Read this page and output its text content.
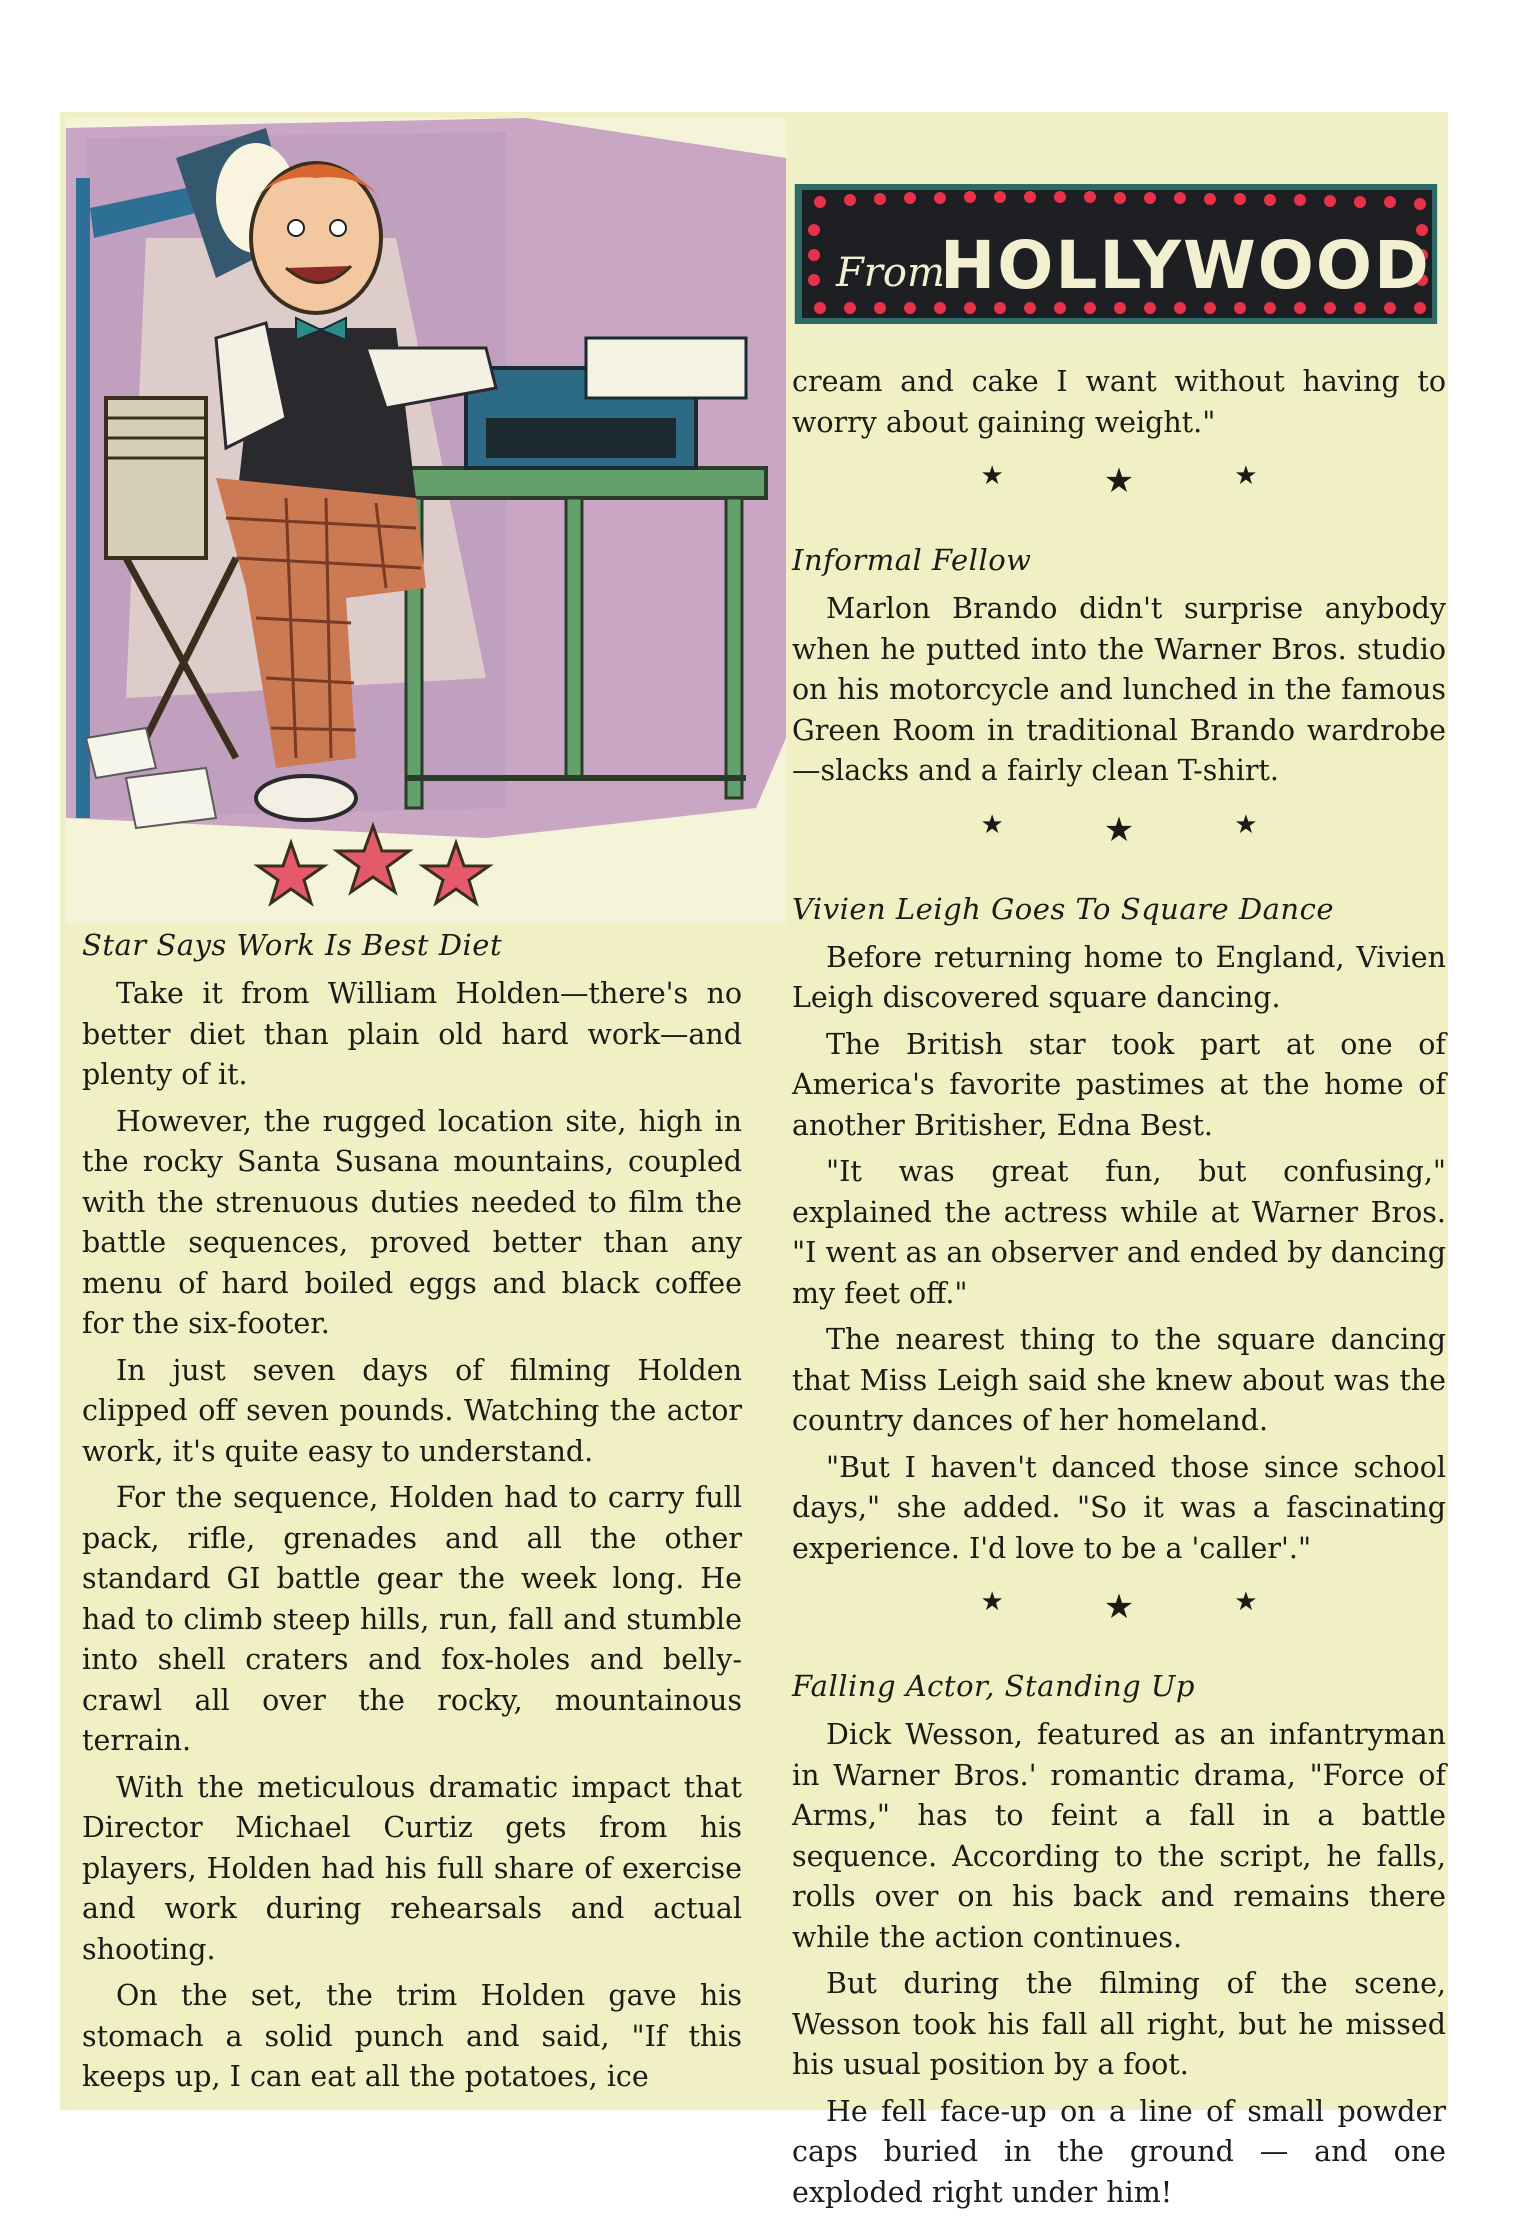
From
HOLLYWOOD
Star Says Work Is Best Diet

Take it from William Holden—there's no better diet than plain old hard work—and plenty of it.

However, the rugged location site, high in the rocky Santa Susana mountains, coupled with the strenuous duties needed to film the battle sequences, proved better than any menu of hard boiled eggs and black coffee for the six-footer.

In just seven days of filming Holden clipped off seven pounds. Watching the actor work, it's quite easy to understand.

For the sequence, Holden had to carry full pack, rifle, grenades and all the other standard GI battle gear the week long. He had to climb steep hills, run, fall and stumble into shell craters and fox-holes and belly-crawl all over the rocky, mountainous terrain.

With the meticulous dramatic impact that Director Michael Curtiz gets from his players, Holden had his full share of exercise and work during rehearsals and actual shooting.

On the set, the trim Holden gave his stomach a solid punch and said, "If this keeps up, I can eat all the potatoes, ice

cream and cake I want without having to worry about gaining weight."

★	★	★
Informal Fellow

Marlon Brando didn't surprise anybody when he putted into the Warner Bros. studio on his motorcycle and lunched in the famous Green Room in traditional Brando wardrobe—slacks and a fairly clean T-shirt.

★	★	★
Vivien Leigh Goes To Square Dance

Before returning home to England, Vivien Leigh discovered square dancing.

The British star took part at one of America's favorite pastimes at the home of another Britisher, Edna Best.

"It was great fun, but confusing," explained the actress while at Warner Bros. "I went as an observer and ended by dancing my feet off."

The nearest thing to the square dancing that Miss Leigh said she knew about was the country dances of her homeland.

"But I haven't danced those since school days," she added. "So it was a fascinating experience. I'd love to be a 'caller'."

★	★	★
Falling Actor, Standing Up

Dick Wesson, featured as an infantryman in Warner Bros.' romantic drama, "Force of Arms," has to feint a fall in a battle sequence. According to the script, he falls, rolls over on his back and remains there while the action continues.

But during the filming of the scene, Wesson took his fall all right, but he missed his usual position by a foot.

He fell face-up on a line of small powder caps buried in the ground — and one exploded right under him!
